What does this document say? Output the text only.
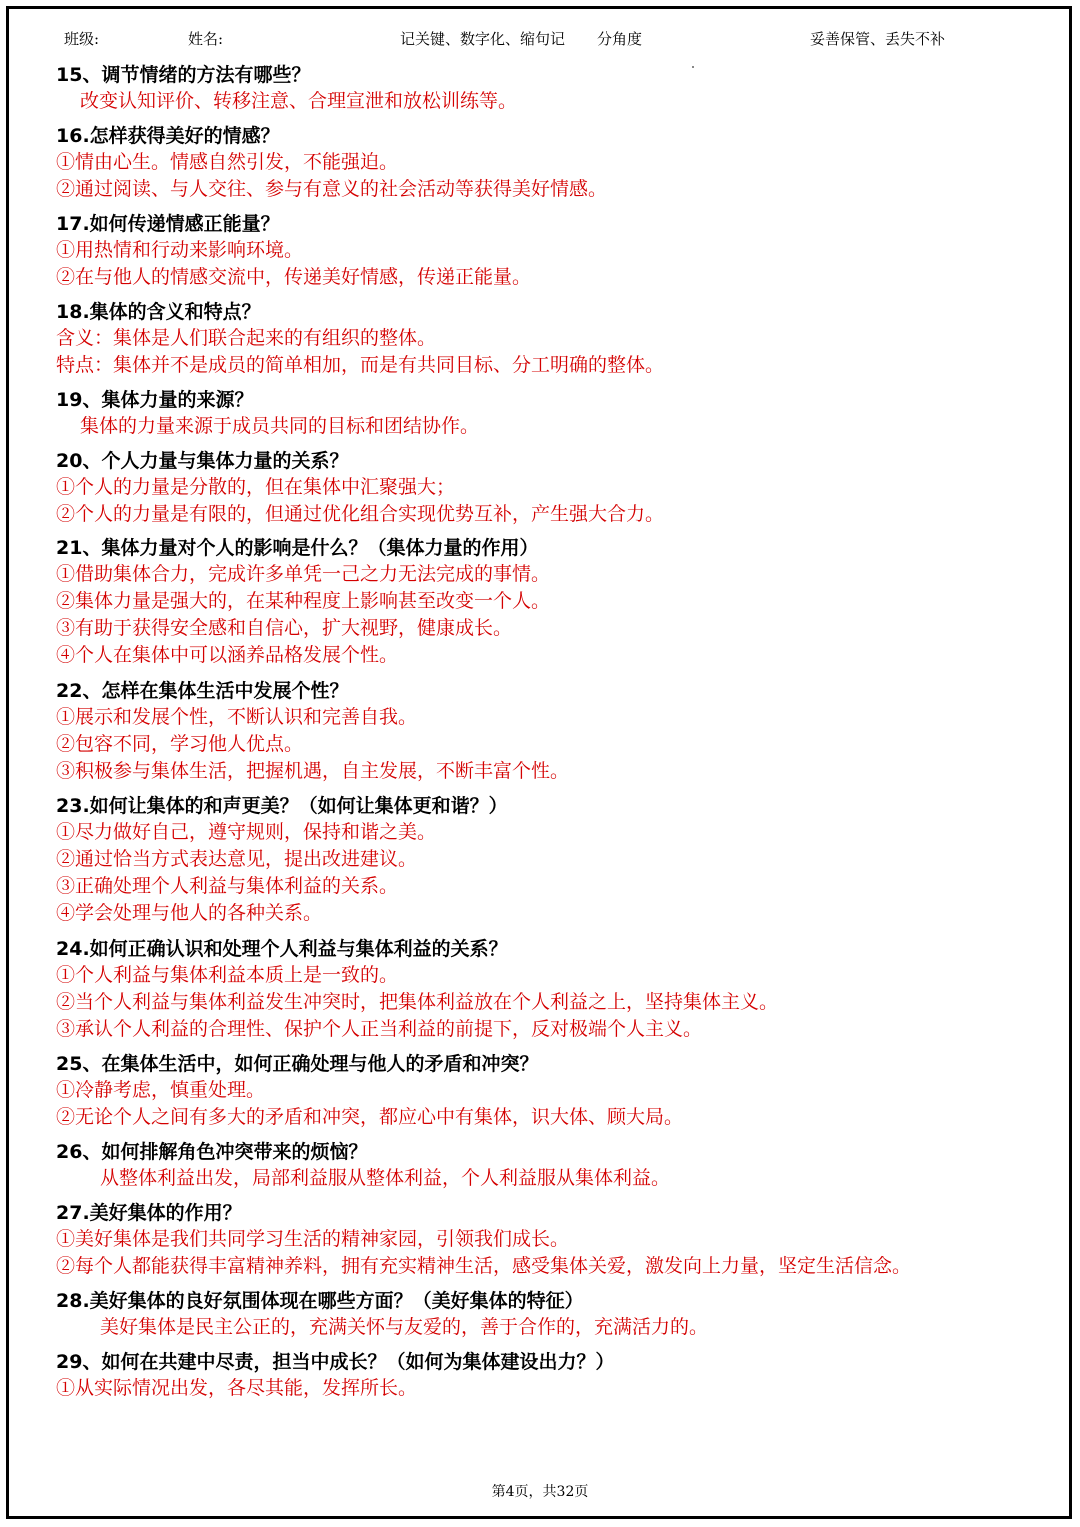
班级:	姓名:	记关键、数字化、缩句记 分角度	妥善保管、丢失不补
15、调节情绪的方法有哪些？
改变认知评价、转移注意、合理宣泄和放松训练等。
16.怎样获得美好的情感？
①情由心生。情感自然引发，不能强迫。
②通过阅读、与人交往、参与有意义的社会活动等获得美好情感。
17.如何传递情感正能量？
①用热情和行动来影响环境。
②在与他人的情感交流中，传递美好情感，传递正能量。
18.集体的含义和特点？
含义：集体是人们联合起来的有组织的整体。
特点：集体并不是成员的简单相加，而是有共同目标、分工明确的整体。
19、集体力量的来源？
集体的力量来源于成员共同的目标和团结协作。
20、个人力量与集体力量的关系？
①个人的力量是分散的，但在集体中汇聚强大；
②个人的力量是有限的，但通过优化组合实现优势互补，产生强大合力。
21、集体力量对个人的影响是什么？（集体力量的作用）
①借助集体合力，完成许多单凭一己之力无法完成的事情。
②集体力量是强大的，在某种程度上影响甚至改变一个人。
③有助于获得安全感和自信心，扩大视野，健康成长。
④个人在集体中可以涵养品格发展个性。
22、怎样在集体生活中发展个性？
①展示和发展个性，不断认识和完善自我。
②包容不同，学习他人优点。
③积极参与集体生活，把握机遇，自主发展，不断丰富个性。
23.如何让集体的和声更美？（如何让集体更和谐？）
①尽力做好自己，遵守规则，保持和谐之美。
②通过恰当方式表达意见，提出改进建议。
③正确处理个人利益与集体利益的关系。
④学会处理与他人的各种关系。
24.如何正确认识和处理个人利益与集体利益的关系？
①个人利益与集体利益本质上是一致的。
②当个人利益与集体利益发生冲突时，把集体利益放在个人利益之上，坚持集体主义。
③承认个人利益的合理性、保护个人正当利益的前提下，反对极端个人主义。
25、在集体生活中，如何正确处理与他人的矛盾和冲突？
①冷静考虑，慎重处理。
②无论个人之间有多大的矛盾和冲突，都应心中有集体，识大体、顾大局。
26、如何排解角色冲突带来的烦恼？
从整体利益出发，局部利益服从整体利益，个人利益服从集体利益。
27.美好集体的作用？
①美好集体是我们共同学习生活的精神家园，引领我们成长。
②每个人都能获得丰富精神养料，拥有充实精神生活，感受集体关爱，激发向上力量，坚定生活信念。
28.美好集体的良好氛围体现在哪些方面？（美好集体的特征）
美好集体是民主公正的，充满关怀与友爱的，善于合作的，充满活力的。
29、如何在共建中尽责，担当中成长？（如何为集体建设出力？）
①从实际情况出发，各尽其能，发挥所长。
第4页，共32页
